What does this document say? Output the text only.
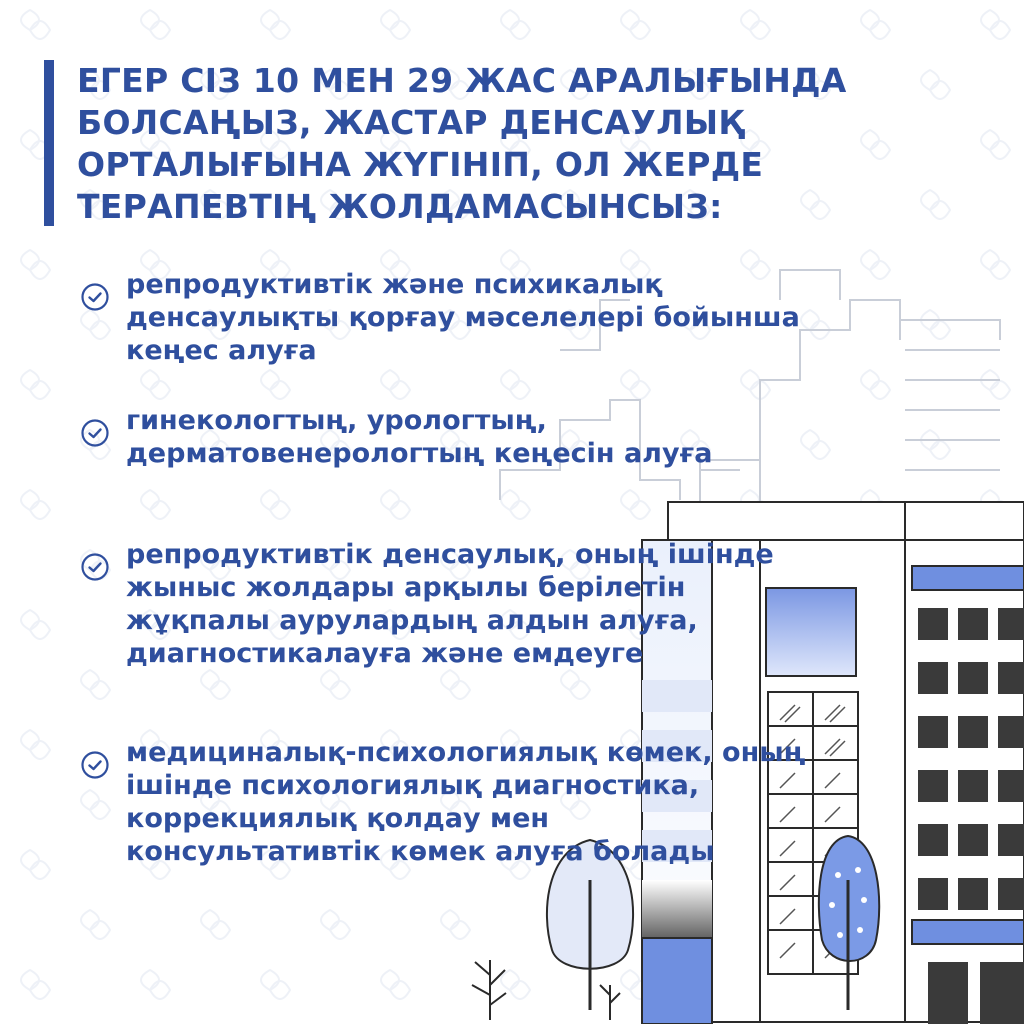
ЕГЕР СІЗ 10 МЕН 29 ЖАС АРАЛЫҒЫНДА БОЛСАҢЫЗ, ЖАСТАР ДЕНСАУЛЫҚ ОРТАЛЫҒЫНА ЖҮГІНІП, ОЛ ЖЕРДЕ ТЕРАПЕВТІҢ ЖОЛДАМАСЫНСЫЗ:

репродуктивтік және психикалық денсаулықты қорғау мәселелері бойынша кеңес алуға

гинекологтың, урологтың, дерматовенерологтың кеңесін алуға

репродуктивтік денсаулық, оның ішінде жыныс жолдары арқылы берілетін жұқпалы аурулардың алдын алуға, диагностикалауға және емдеуге

медициналық-психологиялық көмек, оның ішінде психологиялық диагностика, коррекциялық қолдау мен консультативтік көмек алуға болады
